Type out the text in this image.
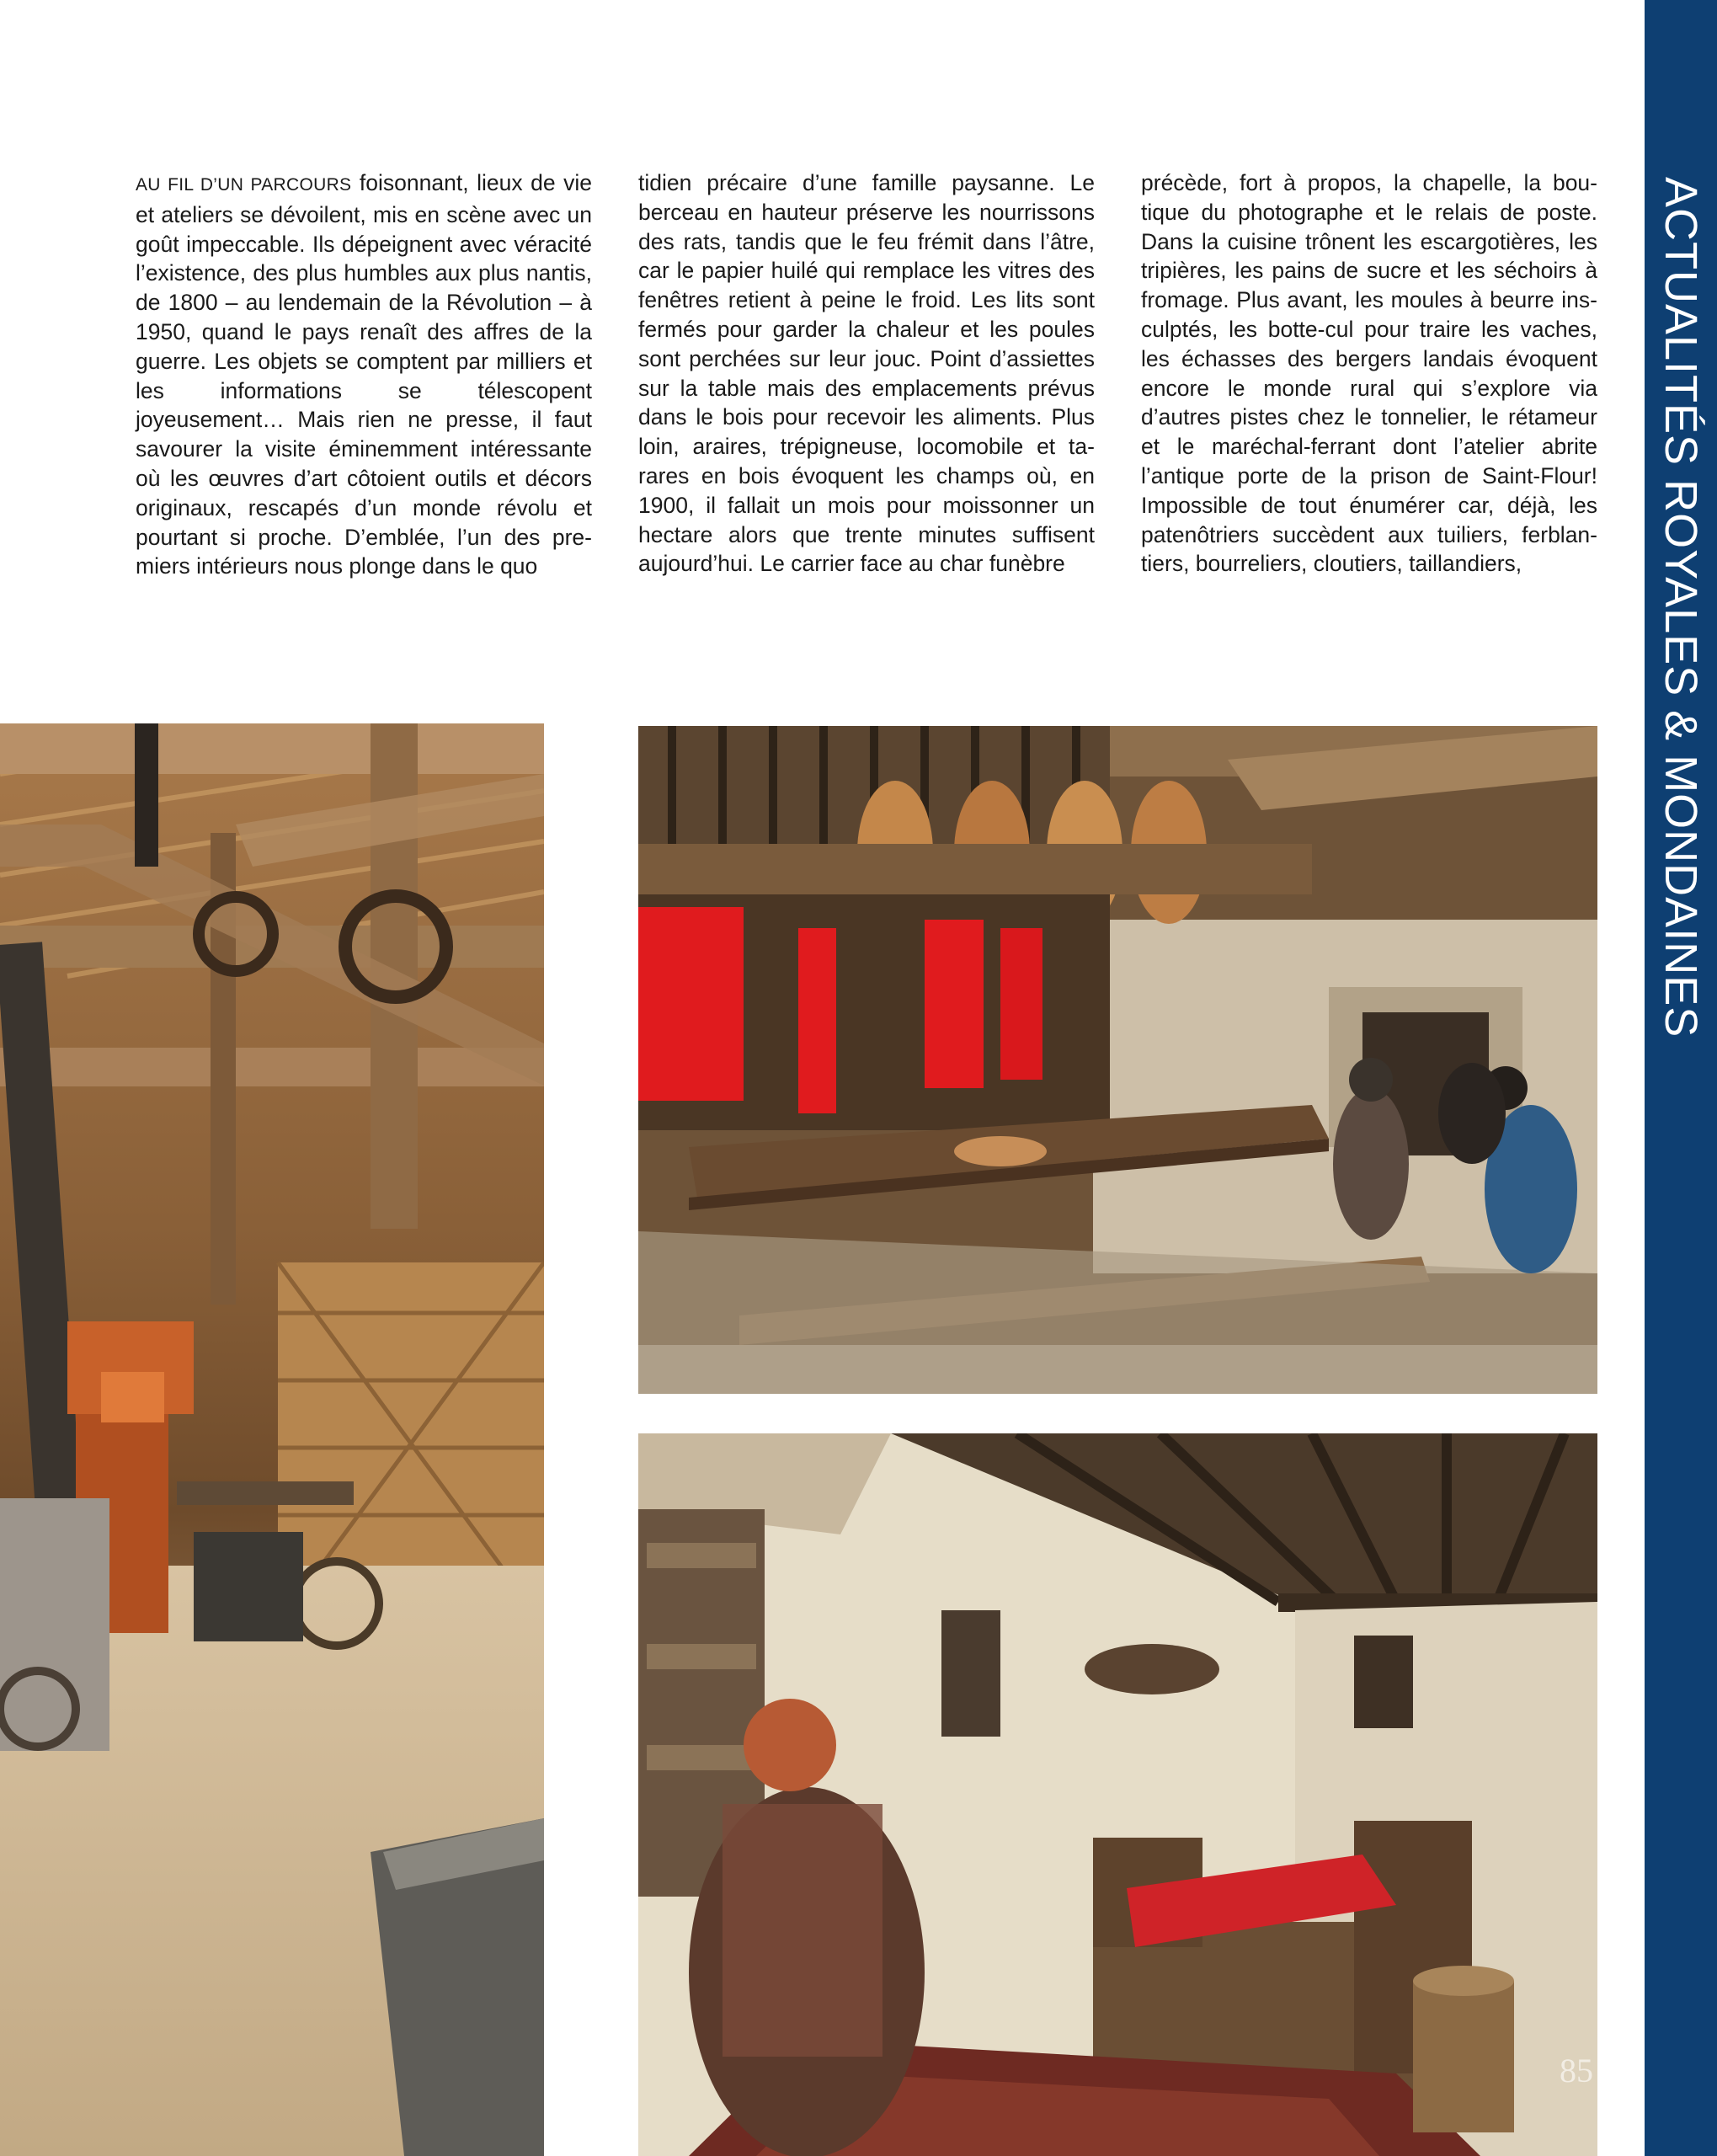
ACTUALITÉS ROYALES & MONDAINES

AU FIL D’UN PARCOURS foisonnant, lieux de vie et ateliers se dévoilent, mis en scène avec un goût impeccable. Ils dépeignent avec véracité l’existence, des plus humbles aux plus nantis, de 1800 – au lendemain de la Révolution – à 1950, quand le pays renaît des affres de la guerre. Les objets se comptent par milliers et les informations se télescopent joyeusement… Mais rien ne presse, il faut savourer la visite éminemment intéressante où les œuvres d’art côtoient outils et décors originaux, rescapés d’un monde révolu et pourtant si proche. D’emblée, l’un des premiers intérieurs nous plonge dans le quo

tidien précaire d’une famille paysanne. Le berceau en hauteur préserve les nourrissons des rats, tandis que le feu frémit dans l’âtre, car le papier huilé qui remplace les vitres des fenêtres retient à peine le froid. Les lits sont fermés pour garder la chaleur et les poules sont perchées sur leur jouc. Point d’assiettes sur la table mais des emplacements prévus dans le bois pour recevoir les aliments. Plus loin, araires, trépigneuse, locomobile et tarares en bois évoquent les champs où, en 1900, il fallait un mois pour moissonner un hectare alors que trente minutes suffisent aujourd’hui. Le carrier face au char funèbre

précède, fort à propos, la chapelle, la boutique du photographe et le relais de poste. Dans la cuisine trônent les escargotières, les tripières, les pains de sucre et les séchoirs à fromage. Plus avant, les moules à beurre insculptés, les botte-cul pour traire les vaches, les échasses des bergers landais évoquent encore le monde rural qui s’explore via d’autres pistes chez le tonnelier, le rétameur et le maréchal-ferrant dont l’atelier abrite l’antique porte de la prison de Saint-Flour! Impossible de tout énumérer car, déjà, les patenôtriers succèdent aux tuiliers, ferblantiers, bourreliers, cloutiers, taillandiers,

85
